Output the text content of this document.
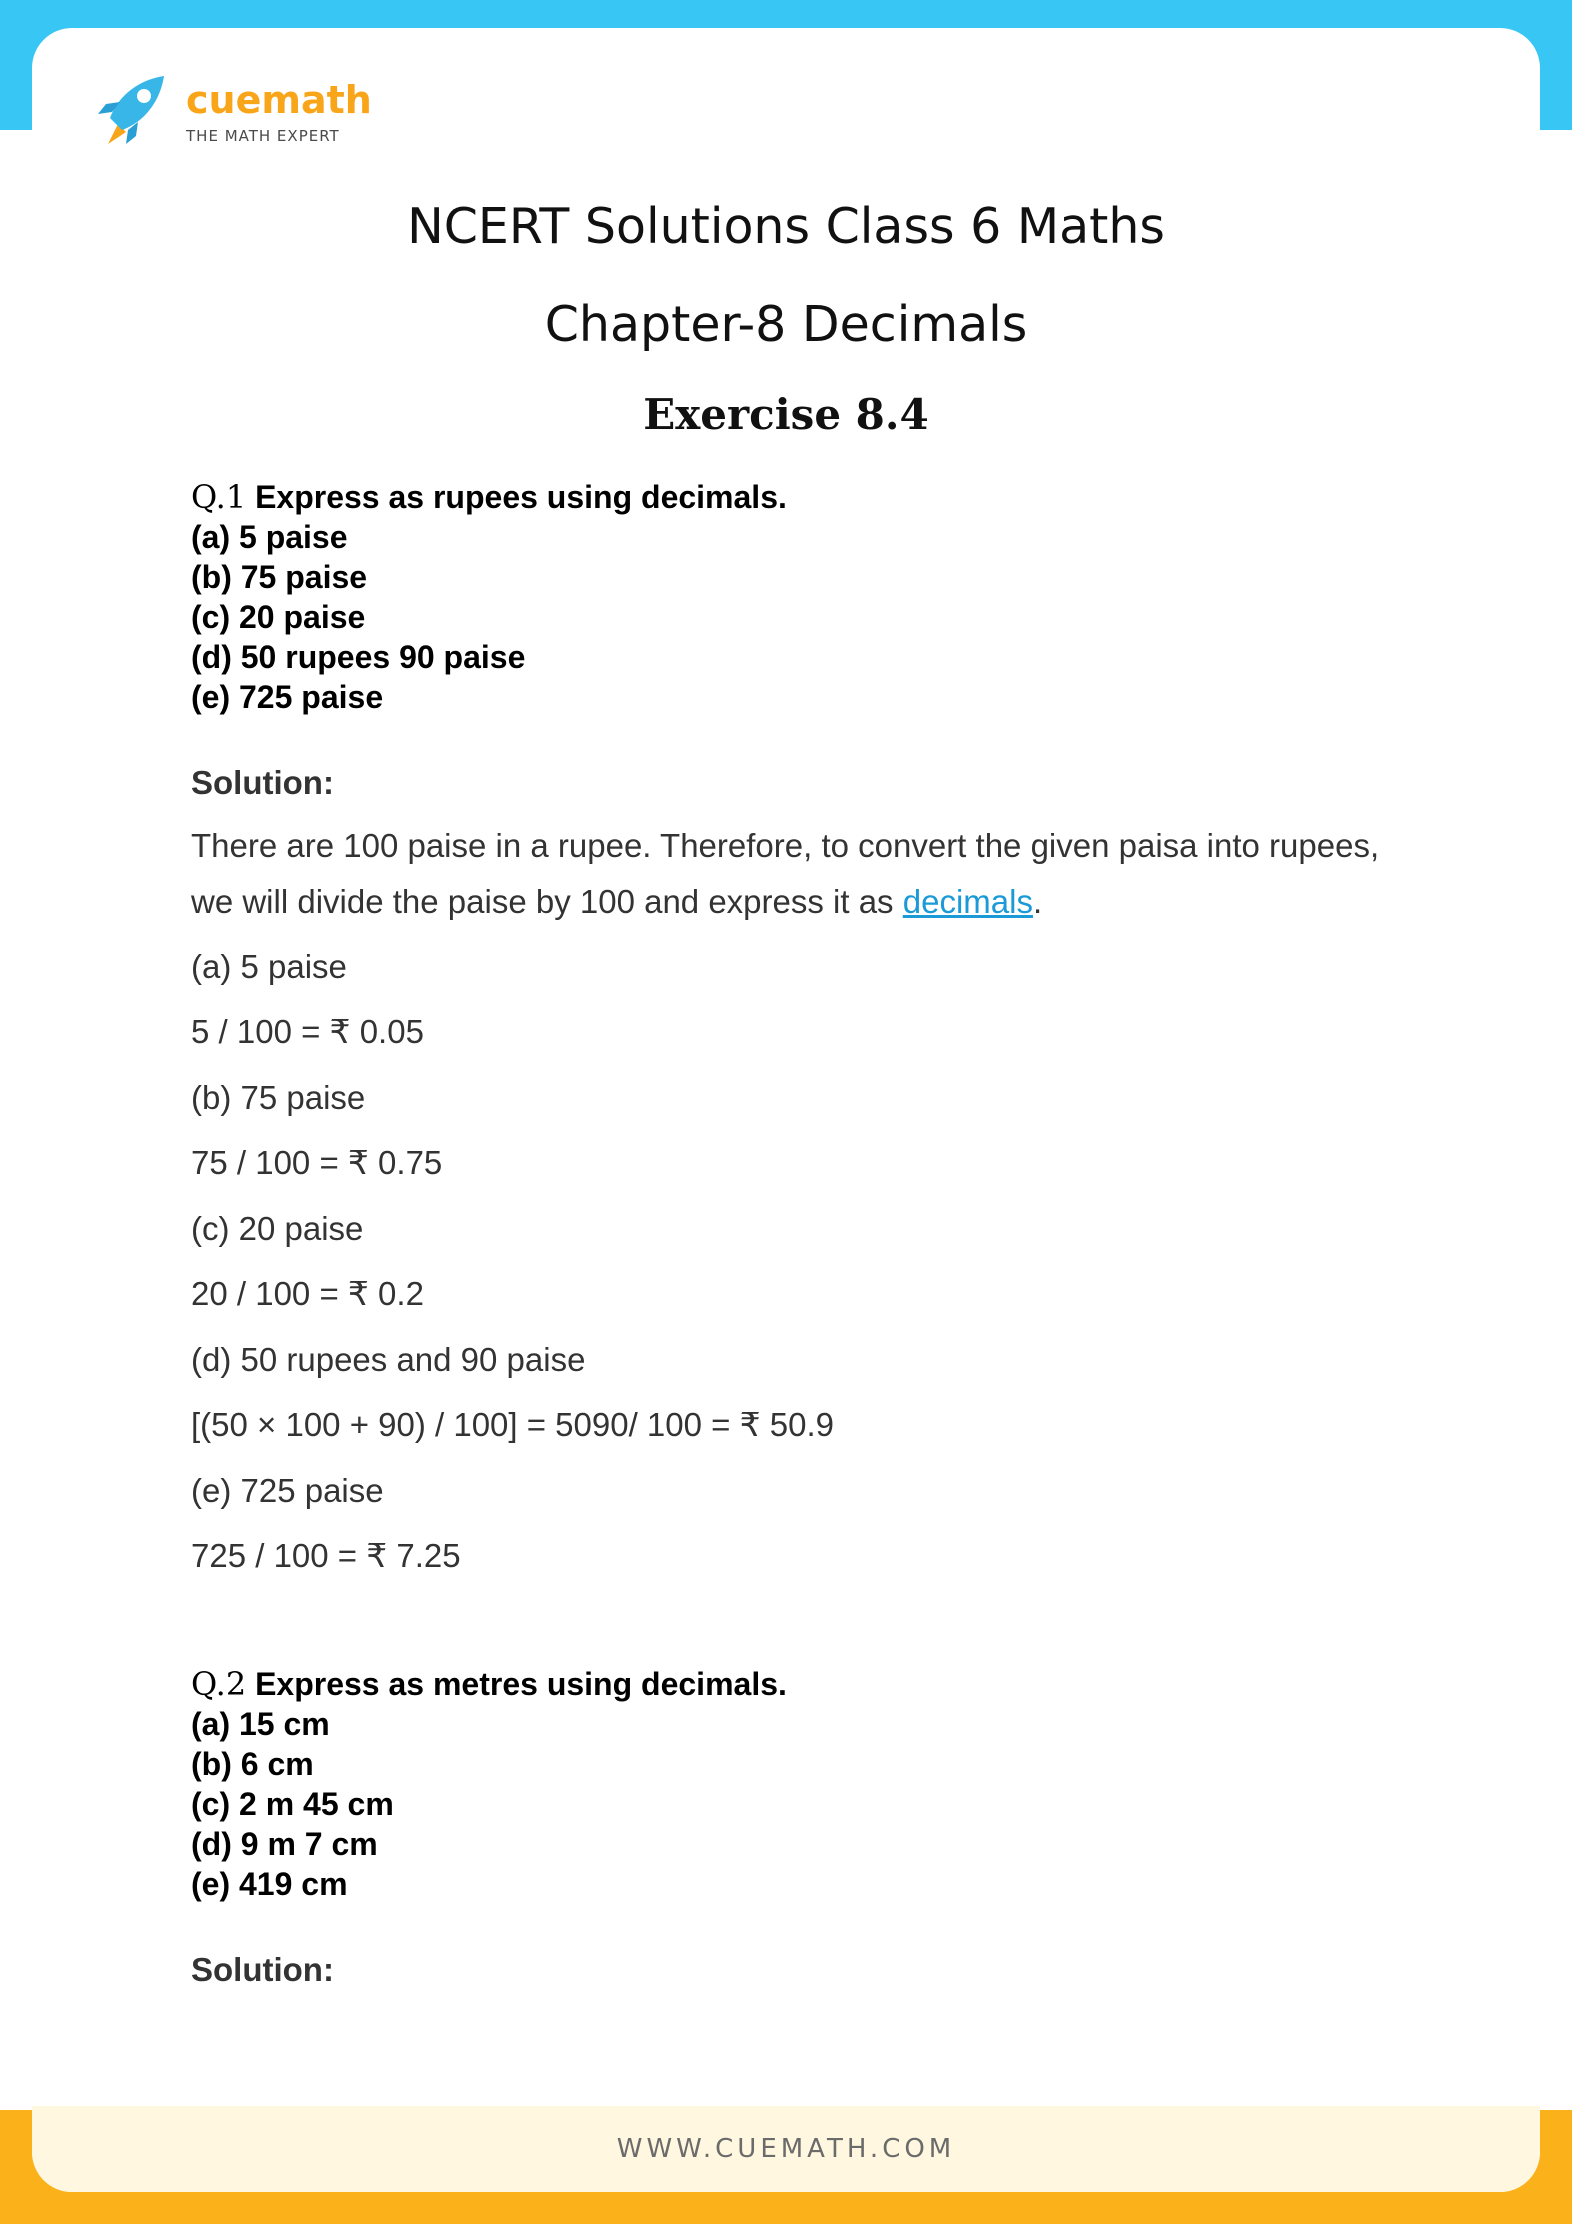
WWW.CUEMATH.COM
cuemath
THE MATH EXPERT
NCERT Solutions Class 6 Maths
Chapter-8 Decimals
Exercise 8.4
Q.1 Express as rupees using decimals.
(a) 5 paise
(b) 75 paise
(c) 20 paise
(d) 50 rupees 90 paise
(e) 725 paise
Solution:
There are 100 paise in a rupee. Therefore, to convert the given paisa into rupees, we will divide the paise by 100 and express it as decimals.
(a) 5 paise
5 / 100 = ₹ 0.05
(b) 75 paise
75 / 100 = ₹ 0.75
(c) 20 paise
20 / 100 = ₹ 0.2
(d) 50 rupees and 90 paise
[(50 × 100 + 90) / 100] = 5090/ 100 = ₹ 50.9
(e) 725 paise
725 / 100 = ₹ 7.25
Q.2 Express as metres using decimals.
(a) 15 cm
(b) 6 cm
(c) 2 m 45 cm
(d) 9 m 7 cm
(e) 419 cm
Solution:
